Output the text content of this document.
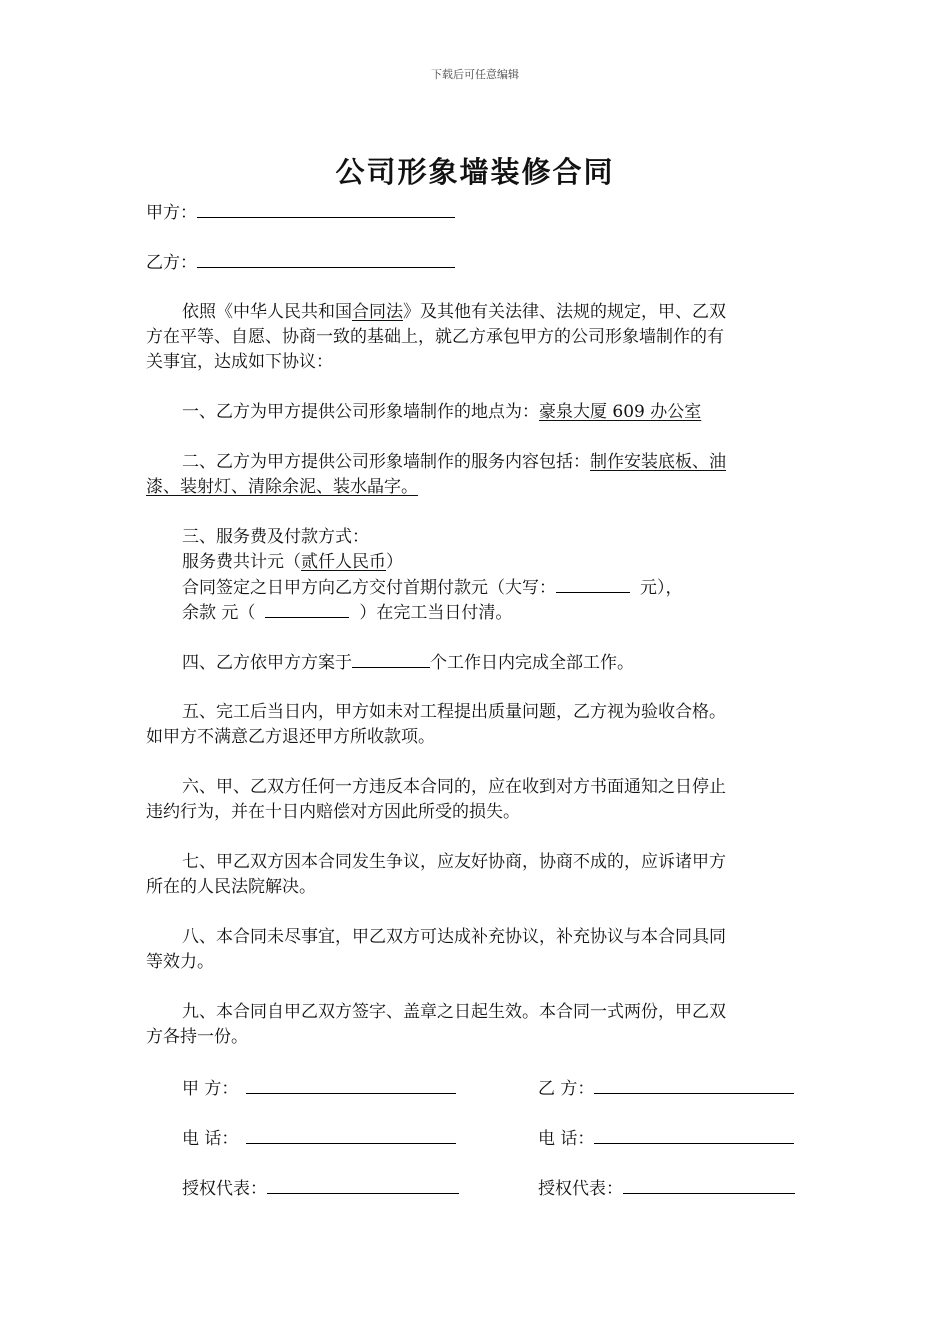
下载后可任意编辑
公司形象墙装修合同
甲方：
乙方：
依照《中华人民共和国合同法》及其他有关法律、法规的规定，甲、乙双
方在平等、自愿、协商一致的基础上，就乙方承包甲方的公司形象墙制作的有
关事宜，达成如下协议：
一、乙方为甲方提供公司形象墙制作的地点为：豪泉大厦 609 办公室
二、乙方为甲方提供公司形象墙制作的服务内容包括：制作安装底板、油
漆、装射灯、清除余泥、装水晶字。
三、服务费及付款方式：
服务费共计元（贰仟人民币）
合同签定之日甲方向乙方交付首期付款元（大写：	元），
余款 元（	）在完工当日付清。
四、乙方依甲方方案于	个工作日内完成全部工作。
五、完工后当日内，甲方如未对工程提出质量问题，乙方视为验收合格。
如甲方不满意乙方退还甲方所收款项。
六、甲、乙双方任何一方违反本合同的，应在收到对方书面通知之日停止
违约行为，并在十日内赔偿对方因此所受的损失。
七、甲乙双方因本合同发生争议，应友好协商，协商不成的，应诉诸甲方
所在的人民法院解决。
八、本合同未尽事宜，甲乙双方可达成补充协议，补充协议与本合同具同
等效力。
九、本合同自甲乙双方签字、盖章之日起生效。本合同一式两份，甲乙双
方各持一份。
甲 方：	乙 方：
电 话：	电 话：
授权代表：	授权代表：
